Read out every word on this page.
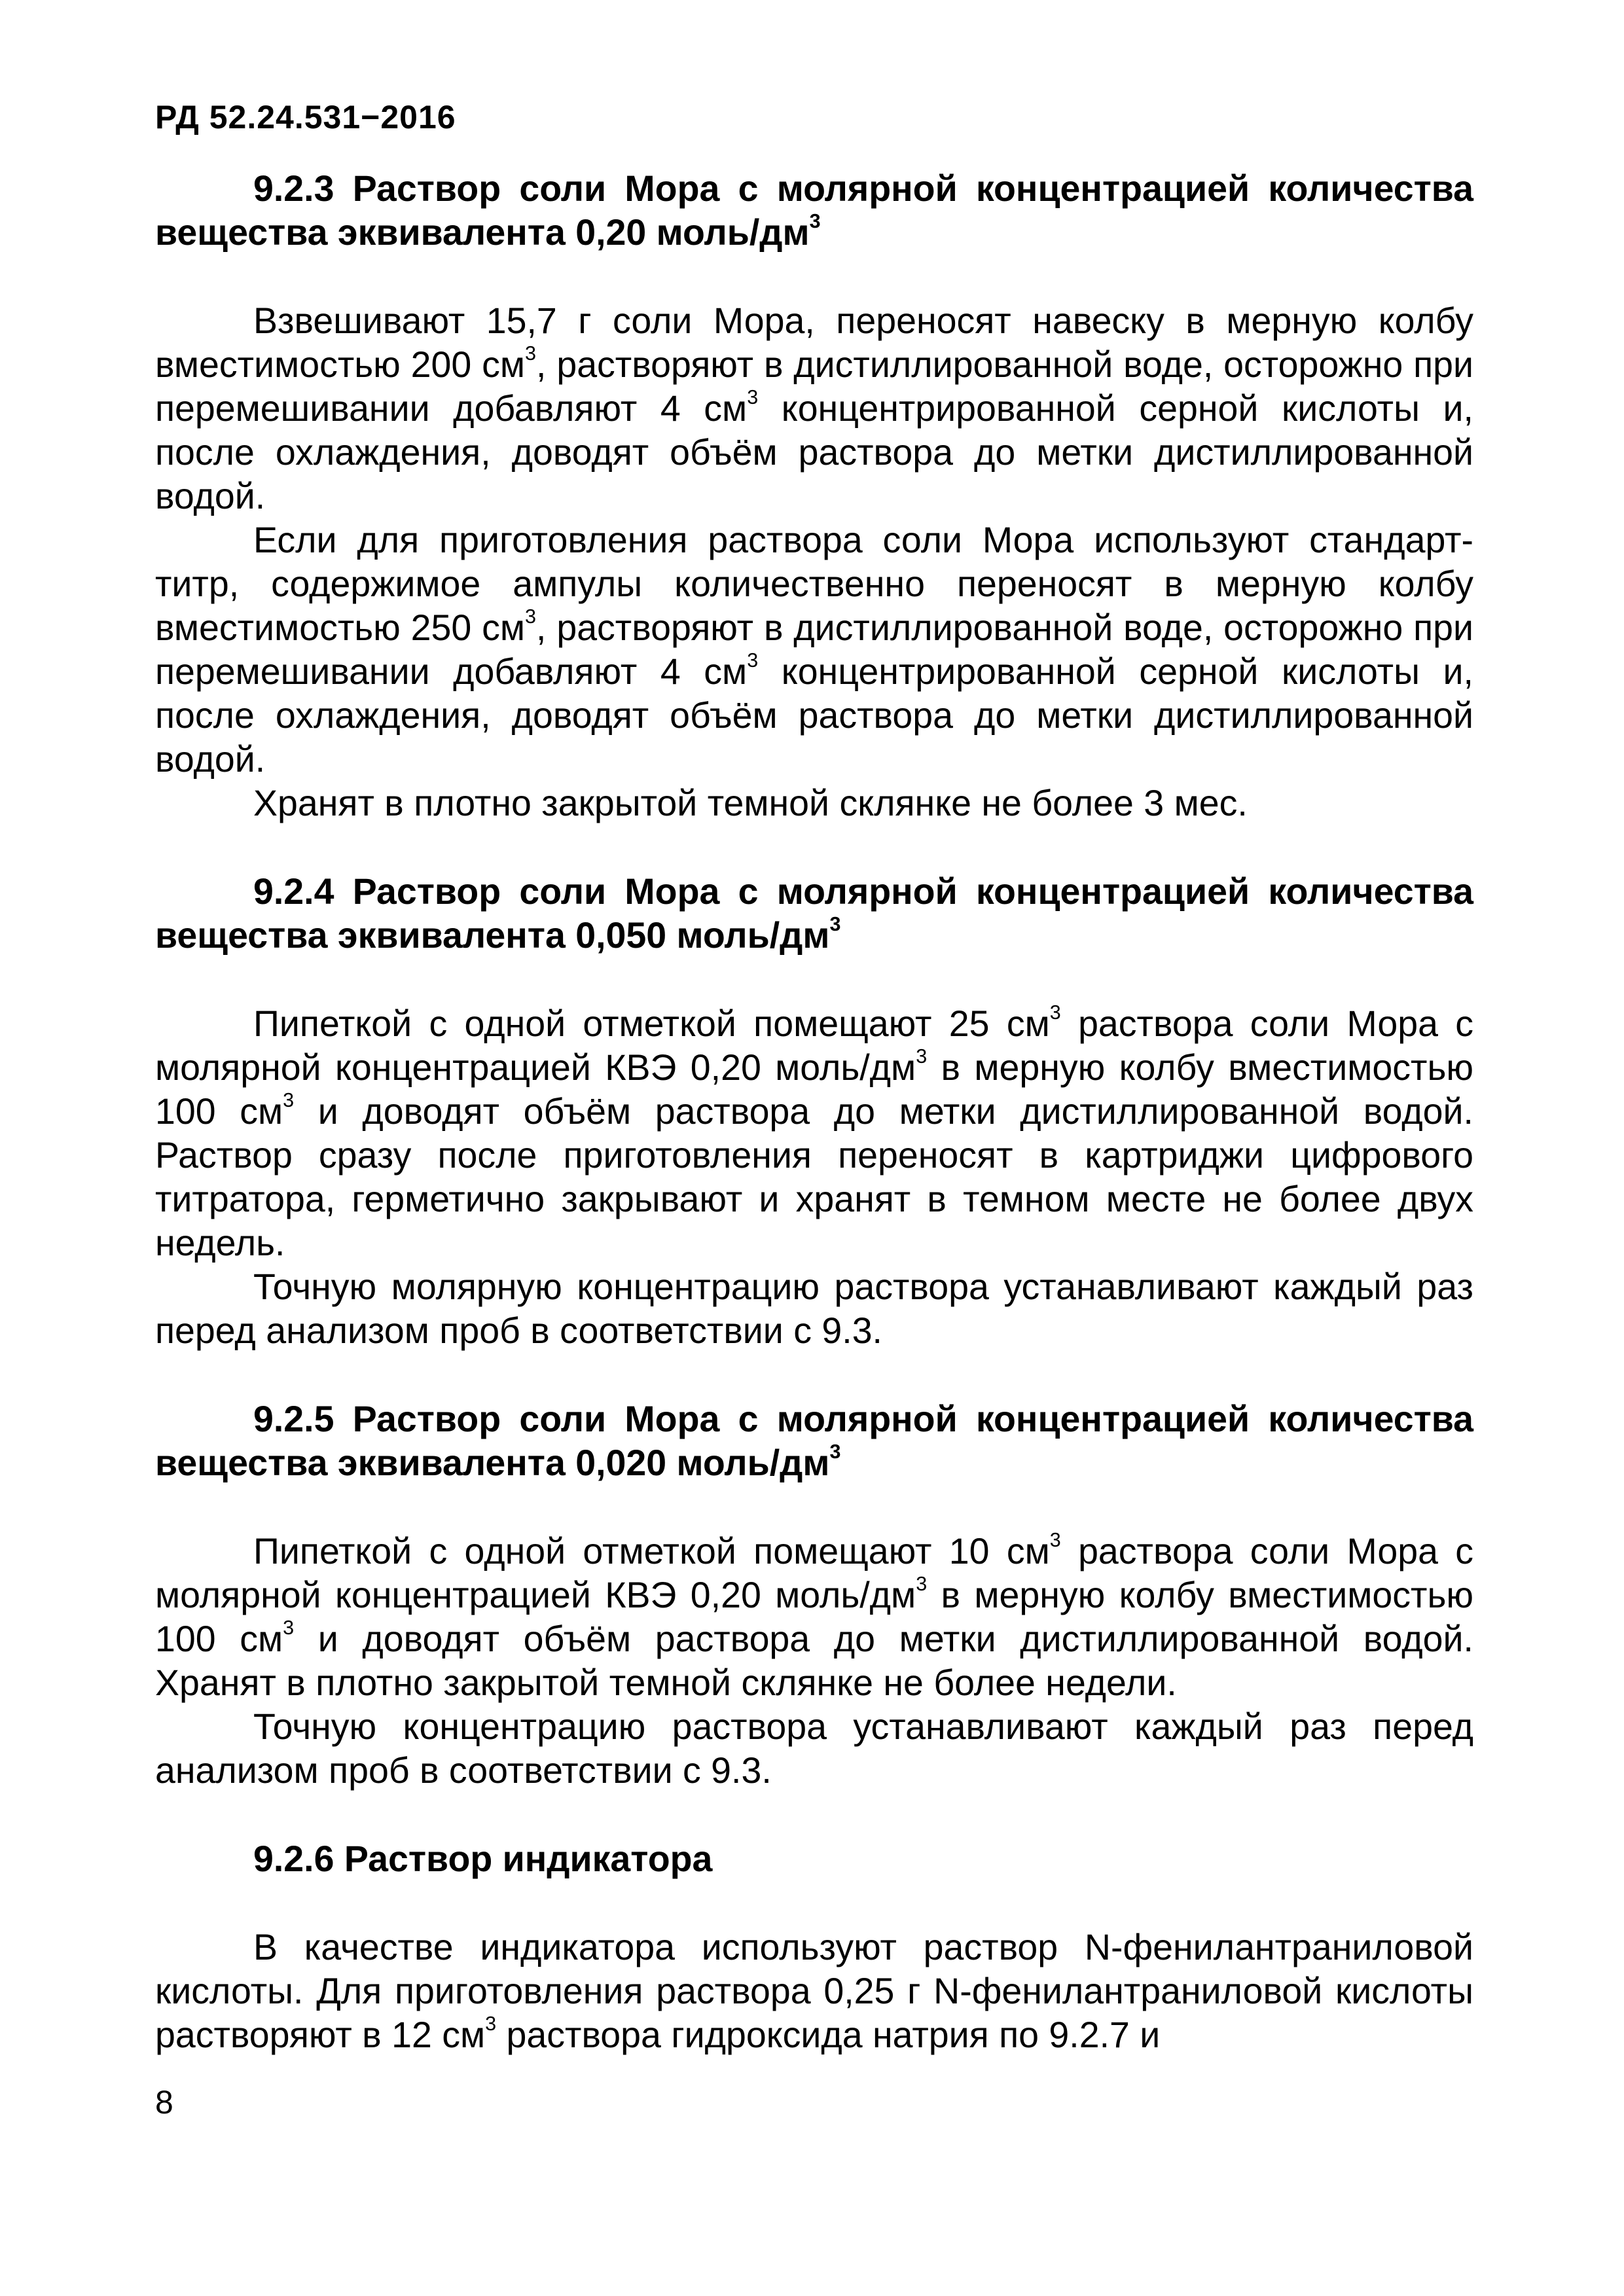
РД 52.24.531−2016
9.2.3 Раствор соли Мора с молярной концентрацией количества вещества эквивалента 0,20 моль/$дм^3$

Взвешивают 15,7 г соли Мора, переносят навеску в мерную колбу вместимостью 200 $см^3$, растворяют в дистиллированной воде, осторожно при перемешивании добавляют 4 $см^3$ концентрированной серной кислоты и, после охлаждения, доводят объём раствора до метки дистиллированной водой.

Если для приготовления раствора соли Мора используют стандарт-титр, содержимое ампулы количественно переносят в мерную колбу вместимостью 250 $см^3$, растворяют в дистиллированной воде, осторожно при перемешивании добавляют 4 $см^3$ концентрированной серной кислоты и, после охлаждения, доводят объём раствора до метки дистиллированной водой.

Хранят в плотно закрытой темной склянке не более 3 мес.

9.2.4 Раствор соли Мора с молярной концентрацией количества вещества эквивалента 0,050 моль/$дм^3$

Пипеткой с одной отметкой помещают 25 $см^3$ раствора соли Мора с молярной концентрацией КВЭ 0,20 моль/$дм^3$ в мерную колбу вместимостью 100 $см^3$ и доводят объём раствора до метки дистиллированной водой. Раствор сразу после приготовления переносят в картриджи цифрового титратора, герметично закрывают и хранят в темном месте не более двух недель.

Точную молярную концентрацию раствора устанавливают каждый раз перед анализом проб в соответствии с 9.3.

9.2.5 Раствор соли Мора с молярной концентрацией количества вещества эквивалента 0,020 моль/$дм^3$

Пипеткой с одной отметкой помещают 10 $см^3$ раствора соли Мора с молярной концентрацией КВЭ 0,20 моль/$дм^3$ в мерную колбу вместимостью 100 $см^3$ и доводят объём раствора до метки дистиллированной водой. Хранят в плотно закрытой темной склянке не более недели.

Точную концентрацию раствора устанавливают каждый раз перед анализом проб в соответствии с 9.3.

9.2.6 Раствор индикатора

В качестве индикатора используют раствор N-фенилантраниловой кислоты. Для приготовления раствора 0,25 г N-фенилантраниловой кислоты растворяют в 12 $см^3$ раствора гидроксида натрия по 9.2.7 и

8
